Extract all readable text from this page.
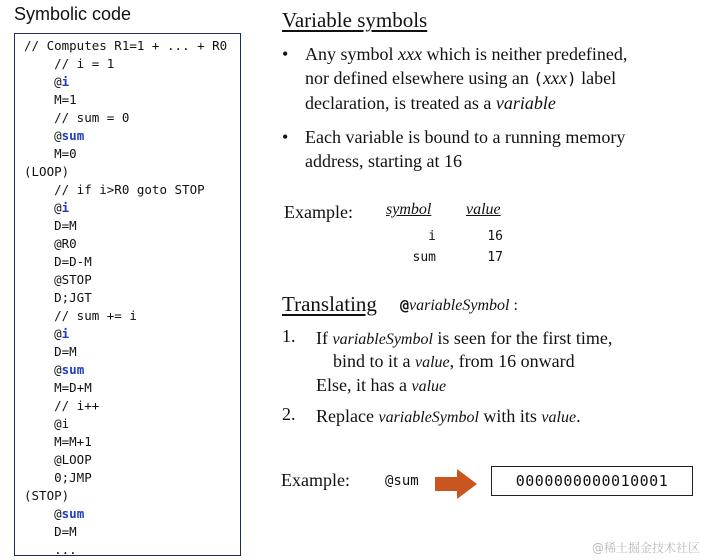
Symbolic code
// Computes R1=1 + ... + R0
// i = 1
@i
M=1
// sum = 0
@sum
M=0
(LOOP)
// if i>R0 goto STOP
@i
D=M
@R0
D=D-M
@STOP
D;JGT
// sum += i
@i
D=M
@sum
M=D+M
// i++
@i
M=M+1
@LOOP
0;JMP
(STOP)
@sum
D=M
...
Variable symbols
• Any symbol xxx which is neither predefined,
nor defined elsewhere using an (xxx) label
declaration, is treated as a variable
• Each variable is bound to a running memory
address, starting at 16
Example: symbol value
i	16
sum	17
Translating @variableSymbol :
1. If variableSymbol is seen for the first time,
bind to it a value, from 16 onward
Else, it has a value
2. Replace variableSymbol with its value.
Example:	@sum	0000000000010001
@稀土掘金技术社区
